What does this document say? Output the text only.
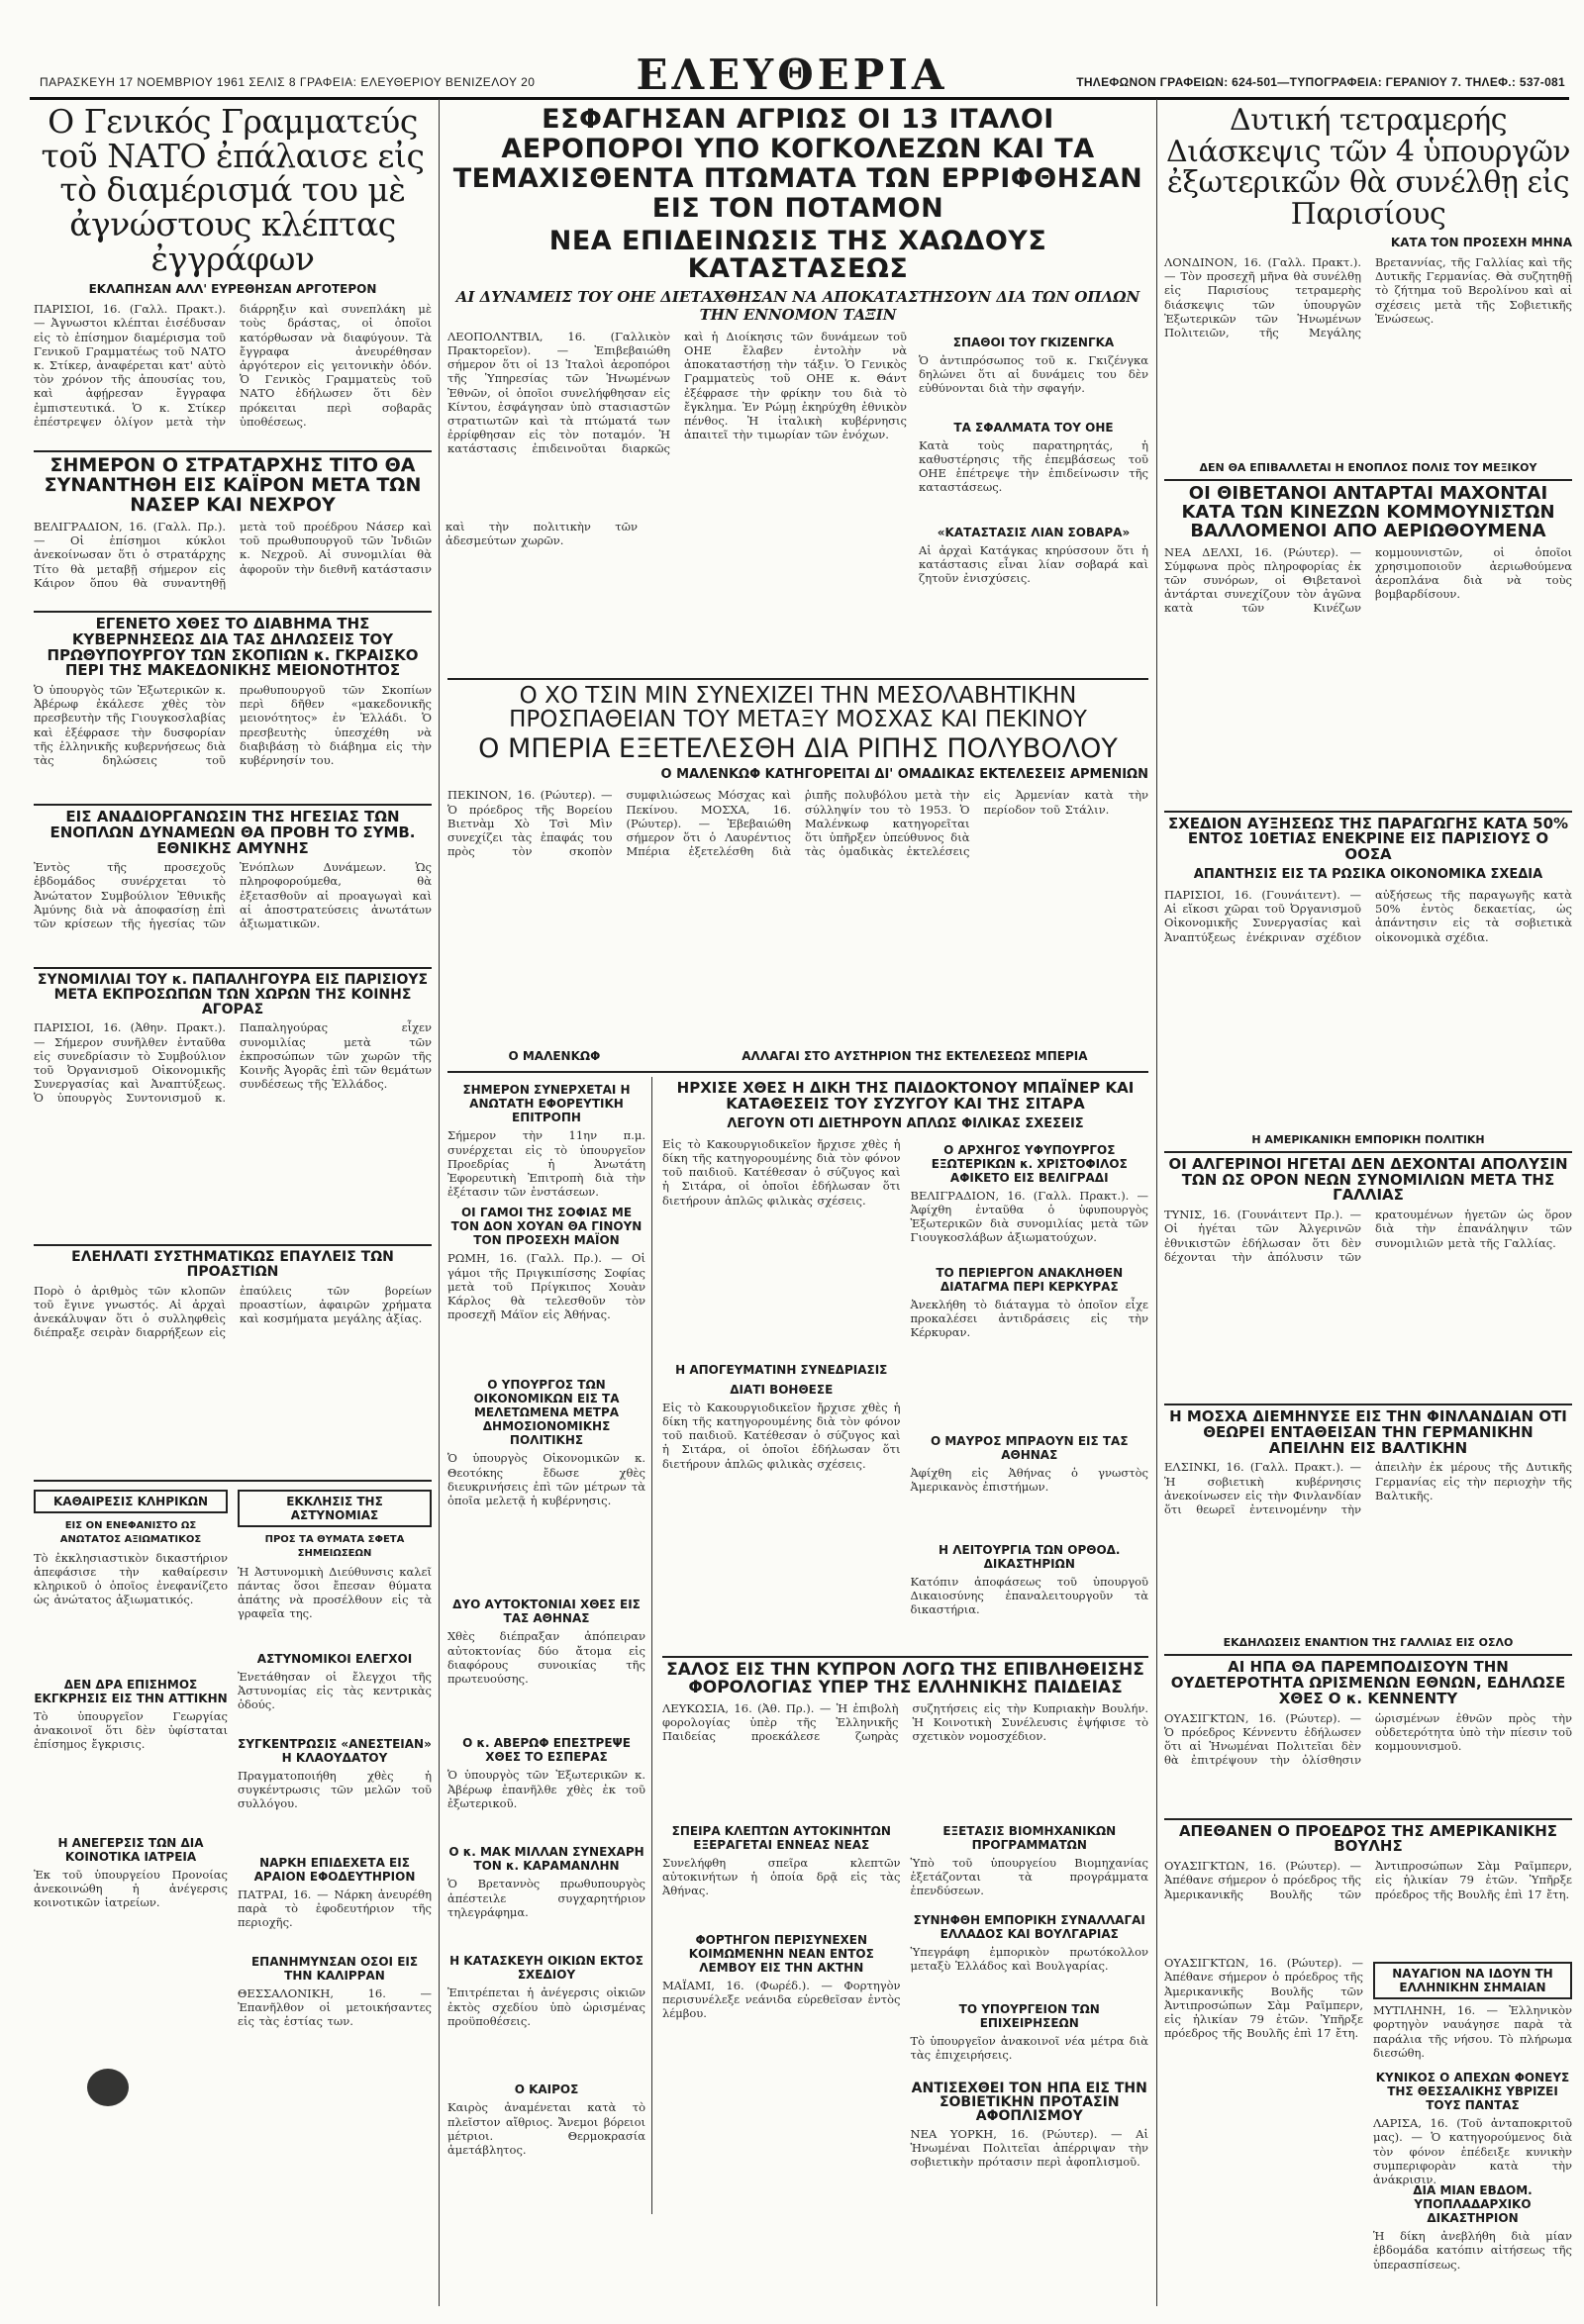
ΠΑΡΑΣΚΕΥΗ 17 ΝΟΕΜΒΡΙΟΥ 1961 ΣΕΛΙΣ 8 ΓΡΑΦΕΙΑ: ΕΛΕΥΘΕΡΙΟΥ ΒΕΝΙΖΕΛΟΥ 20	ΤΗΛΕΦΩΝΟΝ ΓΡΑΦΕΙΩΝ: 624-501—ΤΥΠΟΓΡΑΦΕΙΑ: ΓΕΡΑΝΙΟΥ 7. ΤΗΛΕΦ.: 537-081
ΕΛΕΥΘΕΡΙΑ
Ο Γενικός Γραμματεύς τοῦ ΝΑΤΟ ἐπάλαισε εἰς τὸ διαμέρισμά του μὲ ἀγνώστους κλέπτας ἐγγράφων
ΕΚΛΑΠΗΣΑΝ ΑΛΛ' ΕΥΡΕΘΗΣΑΝ ΑΡΓΟΤΕΡΟΝ
ΠΑΡΙΣΙΟΙ, 16. (Γαλλ. Πρακτ.). — Ἀγνωστοι κλέπται ἐισέδυσαν εἰς τὸ ἐπίσημον διαμέρισμα τοῦ Γενικοῦ Γραμματέως τοῦ ΝΑΤΟ κ. Στίκερ, ἀναφέρεται κατ' αὐτὸ τὸν χρόνον τῆς ἀπουσίας του, καὶ ἀφῄρεσαν ἔγγραφα ἐμπιστευτικά. Ὁ κ. Στίκερ ἐπέστρεψεν ὀλίγον μετὰ τὴν διάρρηξιν καὶ συνεπλάκη μὲ τοὺς δράστας, οἱ ὁποῖοι κατόρθωσαν νὰ διαφύγουν. Τὰ ἔγγραφα ἀνευρέθησαν ἀργότερον εἰς γειτονικὴν ὁδόν. Ὁ Γενικὸς Γραμματεὺς τοῦ ΝΑΤΟ ἐδήλωσεν ὅτι δὲν πρόκειται περὶ σοβαρᾶς ὑποθέσεως.
ΣΗΜΕΡΟΝ Ο ΣΤΡΑΤΑΡΧΗΣ ΤΙΤΟ ΘΑ ΣΥΝΑΝΤΗΘΗ ΕΙΣ ΚΑΪΡΟΝ ΜΕΤΑ ΤΩΝ ΝΑΣΕΡ ΚΑΙ ΝΕΧΡΟΥ
ΒΕΛΙΓΡΑΔΙΟΝ, 16. (Γαλλ. Πρ.). — Οἱ ἐπίσημοι κύκλοι ἀνεκοίνωσαν ὅτι ὁ στρατάρχης Τίτο θὰ μεταβῇ σήμερον εἰς Κάιρον ὅπου θὰ συναντηθῇ μετὰ τοῦ προέδρου Νάσερ καὶ τοῦ πρωθυπουργοῦ τῶν Ἰνδιῶν κ. Νεχροῦ. Αἱ συνομιλίαι θὰ ἀφοροῦν τὴν διεθνῆ κατάστασιν καὶ τὴν πολιτικὴν τῶν ἀδεσμεύτων χωρῶν.
ΕΓΕΝΕΤΟ ΧΘΕΣ ΤΟ ΔΙΑΒΗΜΑ ΤΗΣ ΚΥΒΕΡΝΗΣΕΩΣ ΔΙΑ ΤΑΣ ΔΗΛΩΣΕΙΣ ΤΟΥ ΠΡΩΘΥΠΟΥΡΓΟΥ ΤΩΝ ΣΚΟΠΙΩΝ κ. ΓΚΡΑΙΣΚΟ ΠΕΡΙ ΤΗΣ ΜΑΚΕΔΟΝΙΚΗΣ ΜΕΙΟΝΟΤΗΤΟΣ
Ὁ ὑπουργὸς τῶν Ἐξωτερικῶν κ. Ἀβέρωφ ἐκάλεσε χθὲς τὸν πρεσβευτὴν τῆς Γιουγκοσλαβίας καὶ ἐξέφρασε τὴν δυσφορίαν τῆς ἑλληνικῆς κυβερνήσεως διὰ τὰς δηλώσεις τοῦ πρωθυπουργοῦ τῶν Σκοπίων περὶ δῆθεν «μακεδονικῆς μειονότητος» ἐν Ἑλλάδι. Ὁ πρεσβευτὴς ὑπεσχέθη νὰ διαβιβάσῃ τὸ διάβημα εἰς τὴν κυβέρνησίν του.
ΕΙΣ ΑΝΑΔΙΟΡΓΑΝΩΣΙΝ ΤΗΣ ΗΓΕΣΙΑΣ ΤΩΝ ΕΝΟΠΛΩΝ ΔΥΝΑΜΕΩΝ ΘΑ ΠΡΟΒΗ ΤΟ ΣΥΜΒ. ΕΘΝΙΚΗΣ ΑΜΥΝΗΣ
Ἐντὸς τῆς προσεχοῦς ἑβδομάδος συνέρχεται τὸ Ἀνώτατον Συμβούλιον Ἐθνικῆς Ἀμύνης διὰ νὰ ἀποφασίσῃ ἐπὶ τῶν κρίσεων τῆς ἡγεσίας τῶν Ἐνόπλων Δυνάμεων. Ὡς πληροφορούμεθα, θὰ ἐξετασθοῦν αἱ προαγωγαὶ καὶ αἱ ἀποστρατεύσεις ἀνωτάτων ἀξιωματικῶν.
ΣΥΝΟΜΙΛΙΑΙ ΤΟΥ κ. ΠΑΠΑΛΗΓΟΥΡΑ ΕΙΣ ΠΑΡΙΣΙΟΥΣ ΜΕΤΑ ΕΚΠΡΟΣΩΠΩΝ ΤΩΝ ΧΩΡΩΝ ΤΗΣ ΚΟΙΝΗΣ ΑΓΟΡΑΣ
ΠΑΡΙΣΙΟΙ, 16. (Ἀθην. Πρακτ.). — Σήμερον συνῆλθεν ἐνταῦθα εἰς συνεδρίασιν τὸ Συμβούλιον τοῦ Ὀργανισμοῦ Οἰκονομικῆς Συνεργασίας καὶ Ἀναπτύξεως. Ὁ ὑπουργὸς Συντονισμοῦ κ. Παπαληγούρας εἶχεν συνομιλίας μετὰ τῶν ἐκπροσώπων τῶν χωρῶν τῆς Κοινῆς Ἀγορᾶς ἐπὶ τῶν θεμάτων συνδέσεως τῆς Ἑλλάδος.
ΕΛΕΗΛΑΤΙ ΣΥΣΤΗΜΑΤΙΚΩΣ ΕΠΑΥΛΕΙΣ ΤΩΝ ΠΡΟΑΣΤΙΩΝ
Πορὸ ὁ ἀριθμὸς τῶν κλοπῶν τοῦ ἔγινε γνωστός. Αἱ ἀρχαὶ ἀνεκάλυψαν ὅτι ὁ συλληφθεὶς διέπραξε σειρὰν διαρρήξεων εἰς ἐπαύλεις τῶν βορείων προαστίων, ἀφαιρῶν χρήματα καὶ κοσμήματα μεγάλης ἀξίας.
ΚΑΘΑΙΡΕΣΙΣ ΚΛΗΡΙΚΩΝ
ΕΙΣ ΟΝ ΕΝΕΦΑΝΙΣΤΟ ΩΣ ΑΝΩΤΑΤΟΣ ΑΞΙΩΜΑΤΙΚΟΣ
Τὸ ἐκκλησιαστικὸν δικαστήριον ἀπεφάσισε τὴν καθαίρεσιν κληρικοῦ ὁ ὁποῖος ἐνεφανίζετο ὡς ἀνώτατος ἀξιωματικός.
ΔΕΝ ΔΡΑ ΕΠΙΣΗΜΟΣ ΕΚΓΚΡΗΣΙΣ ΕΙΣ ΤΗΝ ΑΤΤΙΚΗΝ
Τὸ ὑπουργεῖον Γεωργίας ἀνακοινοῖ ὅτι δὲν ὑφίσταται ἐπίσημος ἔγκρισις.
Η ΑΝΕΓΕΡΣΙΣ ΤΩΝ ΔΙΑ ΚΟΙΝΟΤΙΚΑ ΙΑΤΡΕΙΑ
Ἐκ τοῦ ὑπουργείου Προνοίας ἀνεκοινώθη ἡ ἀνέγερσις κοινοτικῶν ἰατρείων.
ΕΚΚΛΗΣΙΣ ΤΗΣ ΑΣΤΥΝΟΜΙΑΣ
ΠΡΟΣ ΤΑ ΘΥΜΑΤΑ ΣΦΕΤΑ ΣΗΜΕΙΩΣΕΩΝ
Ἡ Ἀστυνομικὴ Διεύθυνσις καλεῖ πάντας ὅσοι ἔπεσαν θύματα ἀπάτης νὰ προσέλθουν εἰς τὰ γραφεῖα της.
ΑΣΤΥΝΟΜΙΚΟΙ ΕΛΕΓΧΟΙ
Ἐνετάθησαν οἱ ἔλεγχοι τῆς Ἀστυνομίας εἰς τὰς κεντρικὰς ὁδούς.
ΣΥΓΚΕΝΤΡΩΣΙΣ «ΑΝΕΣΤΕΙΑΝ» Η ΚΛΑΟΥΔΑΤΟΥ
Πραγματοποιήθη χθὲς ἡ συγκέντρωσις τῶν μελῶν τοῦ συλλόγου.
ΝΑΡΚΗ ΕΠΙΔΕΧΕΤΑ ΕΙΣ ΑΡΑΙΟΝ ΕΦΟΔΕΥΤΗΡΙΟΝ
ΠΑΤΡΑΙ, 16. — Νάρκη ἀνευρέθη παρὰ τὸ ἐφοδευτήριον τῆς περιοχῆς.
ΕΠΑΝΗΜΥΝΣΑΝ ΟΣΟΙ ΕΙΣ ΤΗΝ ΚΑΛΙΡΡΑΝ
ΘΕΣΣΑΛΟΝΙΚΗ, 16. — Ἐπανῆλθον οἱ μετοικήσαντες εἰς τὰς ἑστίας των.
ΕΣΦΑΓΗΣΑΝ ΑΓΡΙΩΣ ΟΙ 13 ΙΤΑΛΟΙ ΑΕΡΟΠΟΡΟΙ ΥΠΟ ΚΟΓΚΟΛΕΖΩΝ ΚΑΙ ΤΑ ΤΕΜΑΧΙΣΘΕΝΤΑ ΠΤΩΜΑΤΑ ΤΩΝ ΕΡΡΙΦΘΗΣΑΝ ΕΙΣ ΤΟΝ ΠΟΤΑΜΟΝ
ΝΕΑ ΕΠΙΔΕΙΝΩΣΙΣ ΤΗΣ ΧΑΩΔΟΥΣ ΚΑΤΑΣΤΑΣΕΩΣ
ΑΙ ΔΥΝΑΜΕΙΣ ΤΟΥ ΟΗΕ ΔΙΕΤΑΧΘΗΣΑΝ ΝΑ ΑΠΟΚΑΤΑΣΤΗΣΟΥΝ ΔΙΑ ΤΩΝ ΟΠΛΩΝ ΤΗΝ ΕΝΝΟΜΟΝ ΤΑΞΙΝ
ΛΕΟΠΟΛΝΤΒΙΛ, 16. (Γαλλικὸν Πρακτορεῖον). — Ἐπιβεβαιώθη σήμερον ὅτι οἱ 13 Ἰταλοὶ ἀεροπόροι τῆς Ὑπηρεσίας τῶν Ἡνωμένων Ἐθνῶν, οἱ ὁποῖοι συνελήφθησαν εἰς Κίντου, ἐσφάγησαν ὑπὸ στασιαστῶν στρατιωτῶν καὶ τὰ πτώματά των ἐρρίφθησαν εἰς τὸν ποταμόν. Ἡ κατάστασις ἐπιδεινοῦται διαρκῶς καὶ ἡ Διοίκησις τῶν δυνάμεων τοῦ ΟΗΕ ἔλαβεν ἐντολὴν νὰ ἀποκαταστήσῃ τὴν τάξιν. Ὁ Γενικὸς Γραμματεὺς τοῦ ΟΗΕ κ. Θάντ ἐξέφρασε τὴν φρίκην του διὰ τὸ ἔγκλημα. Ἐν Ρώμῃ ἐκηρύχθη ἐθνικὸν πένθος. Ἡ ἰταλικὴ κυβέρνησις ἀπαιτεῖ τὴν τιμωρίαν τῶν ἐνόχων.
ΣΠΑΘΟΙ ΤΟΥ ΓΚΙΖΕΝΓΚΑ
Ὁ ἀντιπρόσωπος τοῦ κ. Γκιζένγκα δηλώνει ὅτι αἱ δυνάμεις του δὲν εὐθύνονται διὰ τὴν σφαγήν.
ΤΑ ΣΦΑΛΜΑΤΑ ΤΟΥ ΟΗΕ
Κατὰ τοὺς παρατηρητάς, ἡ καθυστέρησις τῆς ἐπεμβάσεως τοῦ ΟΗΕ ἐπέτρεψε τὴν ἐπιδείνωσιν τῆς καταστάσεως.
«ΚΑΤΑΣΤΑΣΙΣ ΛΙΑΝ ΣΟΒΑΡΑ»
Αἱ ἀρχαὶ Κατάγκας κηρύσσουν ὅτι ἡ κατάστασις εἶναι λίαν σοβαρά καὶ ζητοῦν ἐνισχύσεις.
Ο ΧΟ ΤΣΙΝ ΜΙΝ ΣΥΝΕΧΙΖΕΙ ΤΗΝ ΜΕΣΟΛΑΒΗΤΙΚΗΝ ΠΡΟΣΠΑΘΕΙΑΝ ΤΟΥ ΜΕΤΑΞΥ ΜΟΣΧΑΣ ΚΑΙ ΠΕΚΙΝΟΥ
Ο ΜΠΕΡΙΑ ΕΞΕΤΕΛΕΣΘΗ ΔΙΑ ΡΙΠΗΣ ΠΟΛΥΒΟΛΟΥ
Ο ΜΑΛΕΝΚΩΦ ΚΑΤΗΓΟΡΕΙΤΑΙ ΔΙ' ΟΜΑΔΙΚΑΣ ΕΚΤΕΛΕΣΕΙΣ ΑΡΜΕΝΙΩΝ
ΠΕΚΙΝΟΝ, 16. (Ρώυτερ). — Ὁ πρόεδρος τῆς Βορείου Βιετνὰμ Χὸ Τσὶ Μὶν συνεχίζει τὰς ἐπαφάς του πρὸς τὸν σκοπὸν συμφιλιώσεως Μόσχας καὶ Πεκίνου. ΜΟΣΧΑ, 16. (Ρώυτερ). — Ἐβεβαιώθη σήμερον ὅτι ὁ Λαυρέντιος Μπέρια ἐξετελέσθη διὰ ῥιπῆς πολυβόλου μετὰ τὴν σύλληψίν του τὸ 1953. Ὁ Μαλένκωφ κατηγορεῖται ὅτι ὑπῆρξεν ὑπεύθυνος διὰ τὰς ὁμαδικὰς ἐκτελέσεις εἰς Ἀρμενίαν κατὰ τὴν περίοδον τοῦ Στάλιν.
Ο ΜΑΛΕΝΚΩΦ	ΑΛΛΑΓΑΙ ΣΤΟ ΑΥΣΤΗΡΙΟΝ ΤΗΣ ΕΚΤΕΛΕΣΕΩΣ ΜΠΕΡΙΑ
ΣΗΜΕΡΟΝ ΣΥΝΕΡΧΕΤΑΙ Η ΑΝΩΤΑΤΗ ΕΦΟΡΕΥΤΙΚΗ ΕΠΙΤΡΟΠΗ
Σήμερον τὴν 11ην π.μ. συνέρχεται εἰς τὸ ὑπουργεῖον Προεδρίας ἡ Ἀνωτάτη Ἐφορευτικὴ Ἐπιτροπὴ διὰ τὴν ἐξέτασιν τῶν ἐνστάσεων.
ΟΙ ΓΑΜΟΙ ΤΗΣ ΣΟΦΙΑΣ ΜΕ ΤΟΝ ΔΟΝ ΧΟΥΑΝ ΘΑ ΓΙΝΟΥΝ ΤΟΝ ΠΡΟΣΕΧΗ ΜΑΪΟΝ
ΡΩΜΗ, 16. (Γαλλ. Πρ.). — Οἱ γάμοι τῆς Πριγκιπίσσης Σοφίας μετὰ τοῦ Πρίγκιπος Χουὰν Κάρλος θὰ τελεσθοῦν τὸν προσεχῆ Μάϊον εἰς Ἀθήνας.
Ο ΥΠΟΥΡΓΟΣ ΤΩΝ ΟΙΚΟΝΟΜΙΚΩΝ ΕΙΣ ΤΑ ΜΕΛΕΤΩΜΕΝΑ ΜΕΤΡΑ ΔΗΜΟΣΙΟΝΟΜΙΚΗΣ ΠΟΛΙΤΙΚΗΣ
Ὁ ὑπουργὸς Οἰκονομικῶν κ. Θεοτόκης ἔδωσε χθὲς διευκρινήσεις ἐπὶ τῶν μέτρων τὰ ὁποῖα μελετᾷ ἡ κυβέρνησις.
ΔΥΟ ΑΥΤΟΚΤΟΝΙΑΙ ΧΘΕΣ ΕΙΣ ΤΑΣ ΑΘΗΝΑΣ
Χθὲς διέπραξαν ἀπόπειραν αὐτοκτονίας δύο ἄτομα εἰς διαφόρους συνοικίας τῆς πρωτευούσης.
Ο κ. ΑΒΕΡΩΦ ΕΠΕΣΤΡΕΨΕ ΧΘΕΣ ΤΟ ΕΣΠΕΡΑΣ
Ὁ ὑπουργὸς τῶν Ἐξωτερικῶν κ. Ἀβέρωφ ἐπανῆλθε χθὲς ἐκ τοῦ ἐξωτερικοῦ.
Ο κ. ΜΑΚ ΜΙΛΛΑΝ ΣΥΝΕΧΑΡΗ ΤΟΝ κ. ΚΑΡΑΜΑΝΛΗΝ
Ὁ Βρεταννὸς πρωθυπουργὸς ἀπέστειλε συγχαρητήριον τηλεγράφημα.
Η ΚΑΤΑΣΚΕΥΗ ΟΙΚΙΩΝ ΕΚΤΟΣ ΣΧΕΔΙΟΥ
Ἐπιτρέπεται ἡ ἀνέγερσις οἰκιῶν ἐκτὸς σχεδίου ὑπὸ ὡρισμένας προϋποθέσεις.
Ο ΚΑΙΡΟΣ
Καιρὸς ἀναμένεται κατὰ τὸ πλεῖστον αἴθριος. Ἄνεμοι βόρειοι μέτριοι. Θερμοκρασία ἀμετάβλητος.
ΗΡΧΙΣΕ ΧΘΕΣ Η ΔΙΚΗ ΤΗΣ ΠΑΙΔΟΚΤΟΝΟΥ ΜΠΑΪΝΕΡ ΚΑΙ ΚΑΤΑΘΕΣΕΙΣ ΤΟΥ ΣΥΖΥΓΟΥ ΚΑΙ ΤΗΣ ΣΙΤΑΡΑ
ΛΕΓΟΥΝ ΟΤΙ ΔΙΕΤΗΡΟΥΝ ΑΠΛΩΣ ΦΙΛΙΚΑΣ ΣΧΕΣΕΙΣ
Εἰς τὸ Κακουργιοδικεῖον ἤρχισε χθὲς ἡ δίκη τῆς κατηγορουμένης διὰ τὸν φόνον τοῦ παιδιοῦ. Κατέθεσαν ὁ σύζυγος καὶ ἡ Σιτάρα, οἱ ὁποῖοι ἐδήλωσαν ὅτι διετήρουν ἁπλῶς φιλικὰς σχέσεις.
Η ΑΠΟΓΕΥΜΑΤΙΝΗ ΣΥΝΕΔΡΙΑΣΙΣ
ΔΙΑΤΙ ΒΟΗΘΕΣΕ
Εἰς τὸ Κακουργιοδικεῖον ἤρχισε χθὲς ἡ δίκη τῆς κατηγορουμένης διὰ τὸν φόνον τοῦ παιδιοῦ. Κατέθεσαν ὁ σύζυγος καὶ ἡ Σιτάρα, οἱ ὁποῖοι ἐδήλωσαν ὅτι διετήρουν ἁπλῶς φιλικὰς σχέσεις.
Ο ΑΡΧΗΓΟΣ ΥΦΥΠΟΥΡΓΟΣ ΕΞΩΤΕΡΙΚΩΝ κ. ΧΡΙΣΤΟΦΙΛΟΣ ΑΦΙΚΕΤΟ ΕΙΣ ΒΕΛΙΓΡΑΔΙ
ΒΕΛΙΓΡΑΔΙΟΝ, 16. (Γαλλ. Πρακτ.). — Ἀφίχθη ἐνταῦθα ὁ ὑφυπουργὸς Ἐξωτερικῶν διὰ συνομιλίας μετὰ τῶν Γιουγκοσλάβων ἀξιωματούχων.
ΤΟ ΠΕΡΙΕΡΓΟΝ ΑΝΑΚΛΗΘΕΝ ΔΙΑΤΑΓΜΑ ΠΕΡΙ ΚΕΡΚΥΡΑΣ
Ἀνεκλήθη τὸ διάταγμα τὸ ὁποῖον εἶχε προκαλέσει ἀντιδράσεις εἰς τὴν Κέρκυραν.
Ο ΜΑΥΡΟΣ ΜΠΡΑΟΥΝ ΕΙΣ ΤΑΣ ΑΘΗΝΑΣ
Ἀφίχθη εἰς Ἀθήνας ὁ γνωστὸς Ἀμερικανὸς ἐπιστήμων.
Η ΛΕΙΤΟΥΡΓΙΑ ΤΩΝ ΟΡΘΟΔ. ΔΙΚΑΣΤΗΡΙΩΝ
Κατόπιν ἀποφάσεως τοῦ ὑπουργοῦ Δικαιοσύνης ἐπαναλειτουργοῦν τὰ δικαστήρια.
ΣΑΛΟΣ ΕΙΣ ΤΗΝ ΚΥΠΡΟΝ ΛΟΓΩ ΤΗΣ ΕΠΙΒΛΗΘΕΙΣΗΣ ΦΟΡΟΛΟΓΙΑΣ ΥΠΕΡ ΤΗΣ ΕΛΛΗΝΙΚΗΣ ΠΑΙΔΕΙΑΣ
ΛΕΥΚΩΣΙΑ, 16. (Ἀθ. Πρ.). — Ἡ ἐπιβολὴ φορολογίας ὑπὲρ τῆς Ἑλληνικῆς Παιδείας προεκάλεσε ζωηρὰς συζητήσεις εἰς τὴν Κυπριακὴν Βουλήν. Ἡ Κοινοτικὴ Συνέλευσις ἐψήφισε τὸ σχετικὸν νομοσχέδιον.
ΣΠΕΙΡΑ ΚΛΕΠΤΩΝ ΑΥΤΟΚΙΝΗΤΩΝ ΕΞΕΡΑΓΕΤΑΙ ΕΝΝΕΑΣ ΝΕΑΣ
Συνελήφθη σπεῖρα κλεπτῶν αὐτοκινήτων ἡ ὁποία δρᾷ εἰς τὰς Ἀθήνας.
ΦΟΡΤΗΓΟΝ ΠΕΡΙΣΥΝΕΧΕΝ ΚΟΙΜΩΜΕΝΗΝ ΝΕΑΝ ΕΝΤΟΣ ΛΕΜΒΟΥ ΕΙΣ ΤΗΝ ΑΚΤΗΝ
ΜΑΪΑΜΙ, 16. (Φωρέδ.). — Φορτηγὸν περισυνέλεξε νεάνιδα εὑρεθεῖσαν ἐντὸς λέμβου.
ΕΞΕΤΑΣΙΣ ΒΙΟΜΗΧΑΝΙΚΩΝ ΠΡΟΓΡΑΜΜΑΤΩΝ
Ὑπὸ τοῦ ὑπουργείου Βιομηχανίας ἐξετάζονται τὰ προγράμματα ἐπενδύσεων.
ΣΥΝΗΦΘΗ ΕΜΠΟΡΙΚΗ ΣΥΝΑΛΛΑΓΑΙ ΕΛΛΑΔΟΣ ΚΑΙ ΒΟΥΛΓΑΡΙΑΣ
Ὑπεγράφη ἐμπορικὸν πρωτόκολλον μεταξὺ Ἑλλάδος καὶ Βουλγαρίας.
ΤΟ ΥΠΟΥΡΓΕΙΟΝ ΤΩΝ ΕΠΙΧΕΙΡΗΣΕΩΝ
Τὸ ὑπουργεῖον ἀνακοινοῖ νέα μέτρα διὰ τὰς ἐπιχειρήσεις.
ΑΝΤΙΣΕΧΘΕΙ ΤΟΝ ΗΠΑ ΕΙΣ ΤΗΝ ΣΟΒΙΕΤΙΚΗΝ ΠΡΟΤΑΣΙΝ ΑΦΟΠΛΙΣΜΟΥ
ΝΕΑ ΥΟΡΚΗ, 16. (Ρώυτερ). — Αἱ Ἡνωμέναι Πολιτεῖαι ἀπέρριψαν τὴν σοβιετικὴν πρότασιν περὶ ἀφοπλισμοῦ.
Δυτική τετραμερής Διάσκεψις τῶν 4 ὑπουργῶν ἐξωτερικῶν θὰ συνέλθῃ εἰς Παρισίους
ΚΑΤΑ ΤΟΝ ΠΡΟΣΕΧΗ ΜΗΝΑ
ΛΟΝΔΙΝΟΝ, 16. (Γαλλ. Πρακτ.). — Τὸν προσεχῆ μῆνα θὰ συνέλθῃ εἰς Παρισίους τετραμερὴς διάσκεψις τῶν ὑπουργῶν Ἐξωτερικῶν τῶν Ἡνωμένων Πολιτειῶν, τῆς Μεγάλης Βρεταννίας, τῆς Γαλλίας καὶ τῆς Δυτικῆς Γερμανίας. Θὰ συζητηθῇ τὸ ζήτημα τοῦ Βερολίνου καὶ αἱ σχέσεις μετὰ τῆς Σοβιετικῆς Ἑνώσεως.
ΔΕΝ ΘΑ ΕΠΙΒΑΛΛΕΤΑΙ Η ΕΝΟΠΛΟΣ ΠΟΛΙΣ ΤΟΥ ΜΕΞΙΚΟΥ
ΟΙ ΘΙΒΕΤΑΝΟΙ ΑΝΤΑΡΤΑΙ ΜΑΧΟΝΤΑΙ ΚΑΤΑ ΤΩΝ ΚΙΝΕΖΩΝ ΚΟΜΜΟΥΝΙΣΤΩΝ ΒΑΛΛΟΜΕΝΟΙ ΑΠΟ ΑΕΡΙΩΘΟΥΜΕΝΑ
ΝΕΑ ΔΕΛΧΙ, 16. (Ρώυτερ). — Σύμφωνα πρὸς πληροφορίας ἐκ τῶν συνόρων, οἱ Θιβετανοὶ ἀντάρται συνεχίζουν τὸν ἀγῶνα κατὰ τῶν Κινέζων κομμουνιστῶν, οἱ ὁποῖοι χρησιμοποιοῦν ἀεριωθούμενα ἀεροπλάνα διὰ νὰ τοὺς βομβαρδίσουν.
ΣΧΕΔΙΟΝ ΑΥΞΗΣΕΩΣ ΤΗΣ ΠΑΡΑΓΩΓΗΣ ΚΑΤΑ 50% ΕΝΤΟΣ 10ΕΤΙΑΣ ΕΝΕΚΡΙΝΕ ΕΙΣ ΠΑΡΙΣΙΟΥΣ Ο ΟΟΣΑ
ΑΠΑΝΤΗΣΙΣ ΕΙΣ ΤΑ ΡΩΣΙΚΑ ΟΙΚΟΝΟΜΙΚΑ ΣΧΕΔΙΑ
ΠΑΡΙΣΙΟΙ, 16. (Γουνάιτεντ). — Αἱ εἴκοσι χῶραι τοῦ Ὀργανισμοῦ Οἰκονομικῆς Συνεργασίας καὶ Ἀναπτύξεως ἐνέκριναν σχέδιον αὐξήσεως τῆς παραγωγῆς κατὰ 50% ἐντὸς δεκαετίας, ὡς ἀπάντησιν εἰς τὰ σοβιετικὰ οἰκονομικὰ σχέδια.
Η ΑΜΕΡΙΚΑΝΙΚΗ ΕΜΠΟΡΙΚΗ ΠΟΛΙΤΙΚΗ
ΟΙ ΑΛΓΕΡΙΝΟΙ ΗΓΕΤΑΙ ΔΕΝ ΔΕΧΟΝΤΑΙ ΑΠΟΛΥΣΙΝ ΤΩΝ ΩΣ ΟΡΟΝ ΝΕΩΝ ΣΥΝΟΜΙΛΙΩΝ ΜΕΤΑ ΤΗΣ ΓΑΛΛΙΑΣ
ΤΥΝΙΣ, 16. (Γουνάιτεντ Πρ.). — Οἱ ἡγέται τῶν Ἀλγερινῶν ἐθνικιστῶν ἐδήλωσαν ὅτι δὲν δέχονται τὴν ἀπόλυσιν τῶν κρατουμένων ἡγετῶν ὡς ὅρον διὰ τὴν ἐπανάληψιν τῶν συνομιλιῶν μετὰ τῆς Γαλλίας.
Η ΜΟΣΧΑ ΔΙΕΜΗΝΥΣΕ ΕΙΣ ΤΗΝ ΦΙΝΛΑΝΔΙΑΝ ΟΤΙ ΘΕΩΡΕΙ ΕΝΤΑΘΕΙΣΑΝ ΤΗΝ ΓΕΡΜΑΝΙΚΗΝ ΑΠΕΙΛΗΝ ΕΙΣ ΒΑΛΤΙΚΗΝ
ΕΛΣΙΝΚΙ, 16. (Γαλλ. Πρακτ.). — Ἡ σοβιετικὴ κυβέρνησις ἀνεκοίνωσεν εἰς τὴν Φινλανδίαν ὅτι θεωρεῖ ἐντεινομένην τὴν ἀπειλὴν ἐκ μέρους τῆς Δυτικῆς Γερμανίας εἰς τὴν περιοχὴν τῆς Βαλτικῆς.
ΕΚΔΗΛΩΣΕΙΣ ΕΝΑΝΤΙΟΝ ΤΗΣ ΓΑΛΛΙΑΣ ΕΙΣ ΟΣΛΟ
ΑΙ ΗΠΑ ΘΑ ΠΑΡΕΜΠΟΔΙΣΟΥΝ ΤΗΝ ΟΥΔΕΤΕΡΟΤΗΤΑ ΩΡΙΣΜΕΝΩΝ ΕΘΝΩΝ, ΕΔΗΛΩΣΕ ΧΘΕΣ Ο κ. ΚΕΝΝΕΝΤΥ
ΟΥΑΣΙΓΚΤΩΝ, 16. (Ρώυτερ). — Ὁ πρόεδρος Κέννεντυ ἐδήλωσεν ὅτι αἱ Ἡνωμέναι Πολιτεῖαι δὲν θὰ ἐπιτρέψουν τὴν ὀλίσθησιν ὡρισμένων ἐθνῶν πρὸς τὴν οὐδετερότητα ὑπὸ τὴν πίεσιν τοῦ κομμουνισμοῦ.
ΑΠΕΘΑΝΕΝ Ο ΠΡΟΕΔΡΟΣ ΤΗΣ ΑΜΕΡΙΚΑΝΙΚΗΣ ΒΟΥΛΗΣ
ΟΥΑΣΙΓΚΤΩΝ, 16. (Ρώυτερ). — Ἀπέθανε σήμερον ὁ πρόεδρος τῆς Ἀμερικανικῆς Βουλῆς τῶν Ἀντιπροσώπων Σὰμ Ραῖμπερν, εἰς ἡλικίαν 79 ἐτῶν. Ὑπῆρξε πρόεδρος τῆς Βουλῆς ἐπὶ 17 ἔτη.
ΟΥΑΣΙΓΚΤΩΝ, 16. (Ρώυτερ). — Ἀπέθανε σήμερον ὁ πρόεδρος τῆς Ἀμερικανικῆς Βουλῆς τῶν Ἀντιπροσώπων Σὰμ Ραῖμπερν, εἰς ἡλικίαν 79 ἐτῶν. Ὑπῆρξε πρόεδρος τῆς Βουλῆς ἐπὶ 17 ἔτη.
ΝΑΥΑΓΙΟΝ ΝΑ ΙΔΟΥΝ ΤΗ ΕΛΛΗΝΙΚΗΝ ΣΗΜΑΙΑΝ
ΜΥΤΙΛΗΝΗ, 16. — Ἑλληνικὸν φορτηγὸν ναυάγησε παρὰ τὰ παράλια τῆς νήσου. Τὸ πλήρωμα διεσώθη.
ΚΥΝΙΚΟΣ Ο ΑΠΕΧΩΝ ΦΟΝΕΥΣ ΤΗΣ ΘΕΣΣΑΛΙΚΗΣ ΥΒΡΙΖΕΙ ΤΟΥΣ ΠΑΝΤΑΣ
ΛΑΡΙΣΑ, 16. (Τοῦ ἀνταποκριτοῦ μας). — Ὁ κατηγορούμενος διὰ τὸν φόνον ἐπέδειξε κυνικὴν συμπεριφορὰν κατὰ τὴν ἀνάκρισιν.
ΔΙΑ ΜΙΑΝ ΕΒΔΟΜ. ΥΠΟΠΛΑΔΑΡΧΙΚΟ ΔΙΚΑΣΤΗΡΙΟΝ
Ἡ δίκη ἀνεβλήθη διὰ μίαν ἑβδομάδα κατόπιν αἰτήσεως τῆς ὑπερασπίσεως.
